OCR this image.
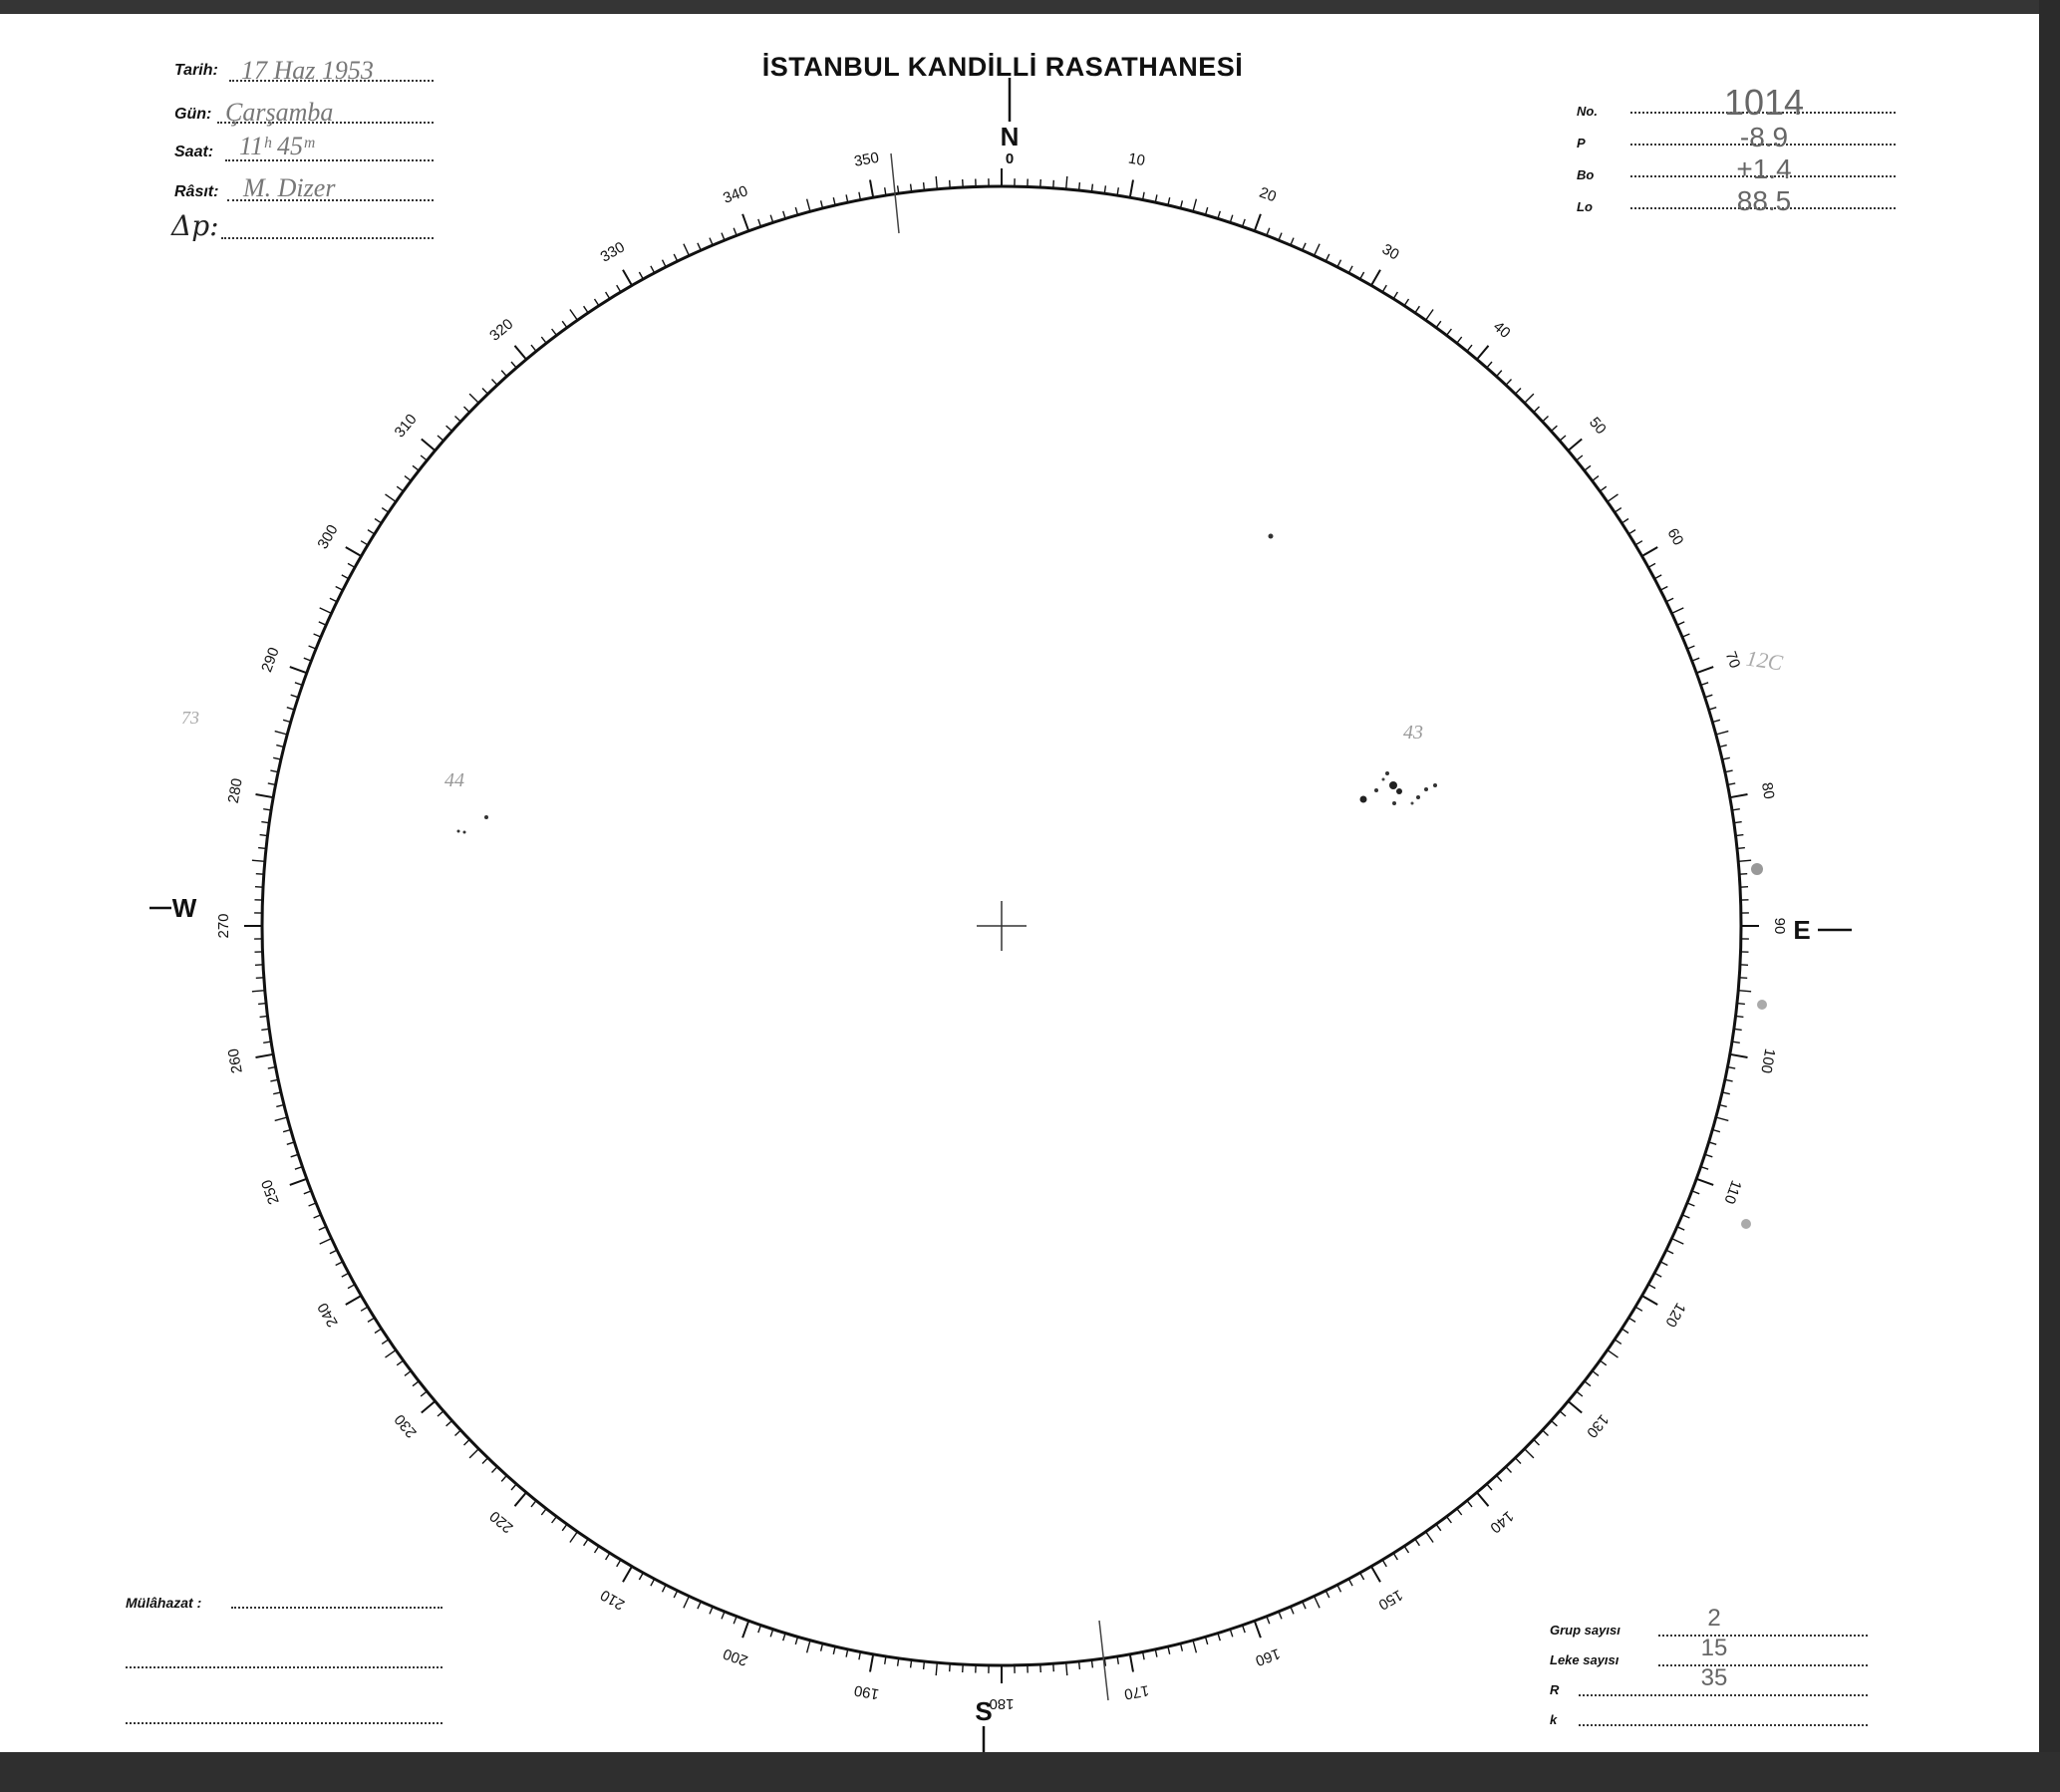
İSTANBUL KANDİLLİ RASATHANESİ
Tarih: 17 Haz 1953
Gün: Çarşamba
Saat: 11ʰ 45ᵐ
Râsıt: M. Dizer
Δp:
No.	1014
P	-8.9
Bo	+1.4
Lo	88.5
Mülâhazat :
Grup sayısı	2
Leke sayısı	15
R	35
k
73
12C
43
44
10
20
30
40
50
60
70
80
90
100
110
120
130
140
150
160
170
180
190
200
210
220
230
240
250
260
270
280
290
300
310
320
330
340
350
N
0
S
W
E
